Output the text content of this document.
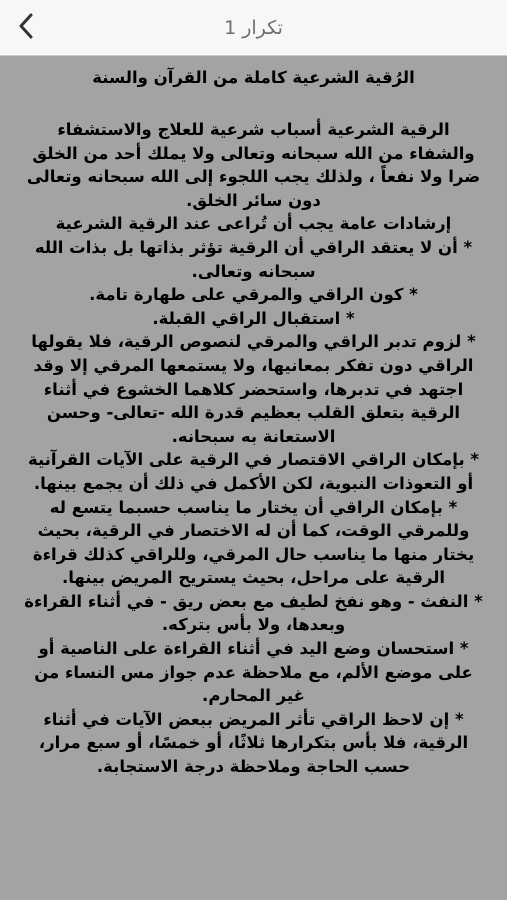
تكرار 1

الرُقية الشرعية كاملة من القرآن والسنة

الرقية الشرعية أسباب شرعية للعلاج والاستشفاء والشفاء من الله سبحانه وتعالى ولا يملك أحد من الخلق ضرا ولا نفعاً ، ولذلك يجب اللجوء إلى الله سبحانه وتعالى دون سائر الخلق.

إرشادات عامة يجب أن تُراعى عند الرقية الشرعية

* أن لا يعتقد الراقي أن الرقية تؤثر بذاتها بل بذات الله سبحانه وتعالى.

* كون الراقي والمرقي على طهارة تامة.

* استقبال الراقي القبلة.

* لزوم تدبر الراقي والمرقي لنصوص الرقية، فلا يقولها الراقي دون تفكر بمعانيها، ولا يستمعها المرقي إلا وقد اجتهد في تدبرها، واستحضر كلاهما الخشوع في أثناء الرقية بتعلق القلب بعظيم قدرة الله -تعالى- وحسن الاستعانة به سبحانه.

* بإمكان الراقي الاقتصار في الرقية على الآيات القرآنية أو التعوذات النبوية، لكن الأكمل في ذلك أن يجمع بينها.

* بإمكان الراقي أن يختار ما يناسب حسبما يتسع له وللمرقي الوقت، كما أن له الاختصار في الرقية، بحيث يختار منها ما يناسب حال المرقي، وللراقي كذلك قراءة الرقية على مراحل، بحيث يستريح المريض بينها.

* النفث - وهو نفخ لطيف مع بعض ريق - في أثناء القراءة وبعدها، ولا بأس بتركه.

* استحسان وضع اليد في أثناء القراءة على الناصية أو على موضع الألم، مع ملاحظة عدم جواز مس النساء من غير المحارم.

* إن لاحظ الراقي تأثر المريض ببعض الآيات في أثناء الرقية، فلا بأس بتكرارها ثلاثًا، أو خمسًا، أو سبع مرار، حسب الحاجة وملاحظة درجة الاستجابة.
